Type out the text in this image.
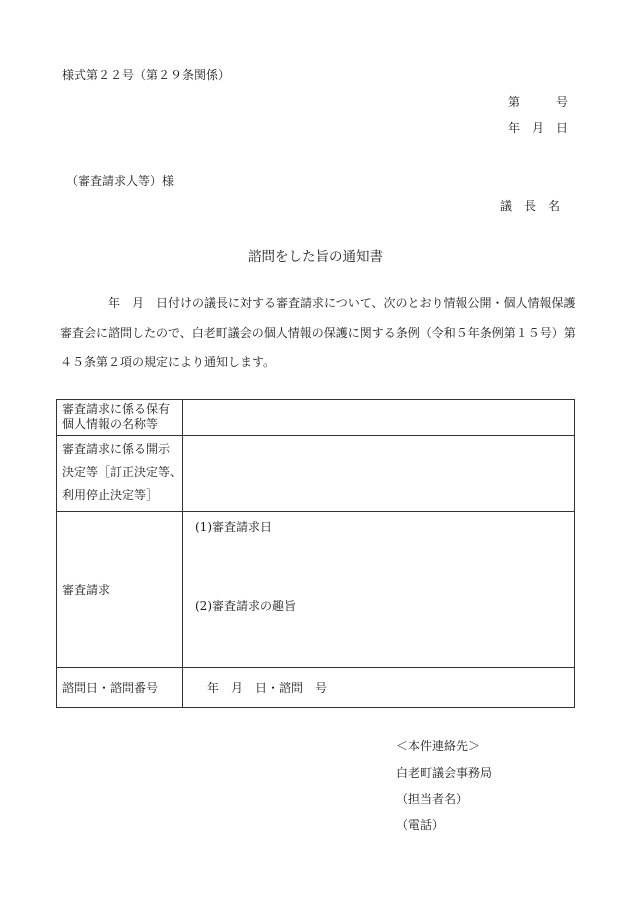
様式第２２号（第２９条関係）
第　　　号
年　月　日
（審査請求人等）様
議　長　名
諮問をした旨の通知書
　　　　年　月　日付けの議長に対する審査請求について、次のとおり情報公開・個人情報保護
審査会に諮問したので、白老町議会の個人情報の保護に関する条例（令和５年条例第１５号）第
４５条第２項の規定により通知します。
審査請求に係る保有
個人情報の名称等	

審査請求に係る開示
決定等［訂正決定等、
利用停止決定等］	

審査請求	(1)審査請求日
(2)審査請求の趣旨

諮問日・諮問番号	年　月　日・諮問　号
＜本件連絡先＞
白老町議会事務局
（担当者名）
（電話）
